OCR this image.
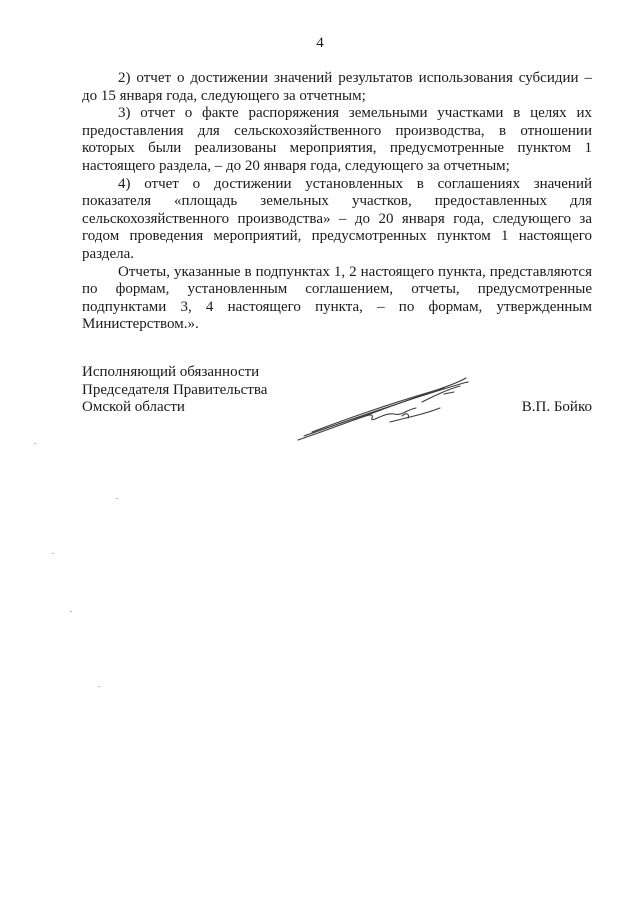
4

2) отчет о достижении значений результатов использования субсидии – до 15 января года, следующего за отчетным;

3) отчет о факте распоряжения земельными участками в целях их предоставления для сельскохозяйственного производства, в отношении которых были реализованы мероприятия, предусмотренные пунктом 1 настоящего раздела, – до 20 января года, следующего за отчетным;

4) отчет о достижении установленных в соглашениях значений показателя «площадь земельных участков, предоставленных для сельскохозяйственного производства» – до 20 января года, следующего за годом проведения мероприятий, предусмотренных пунктом 1 настоящего раздела.

Отчеты, указанные в подпунктах 1, 2 настоящего пункта, представляются по формам, установленным соглашением, отчеты, предусмотренные подпунктами 3, 4 настоящего пункта, – по формам, утвержденным Министерством.».

Исполняющий обязанности
Председателя Правительства
Омской области	В.П. Бойко
